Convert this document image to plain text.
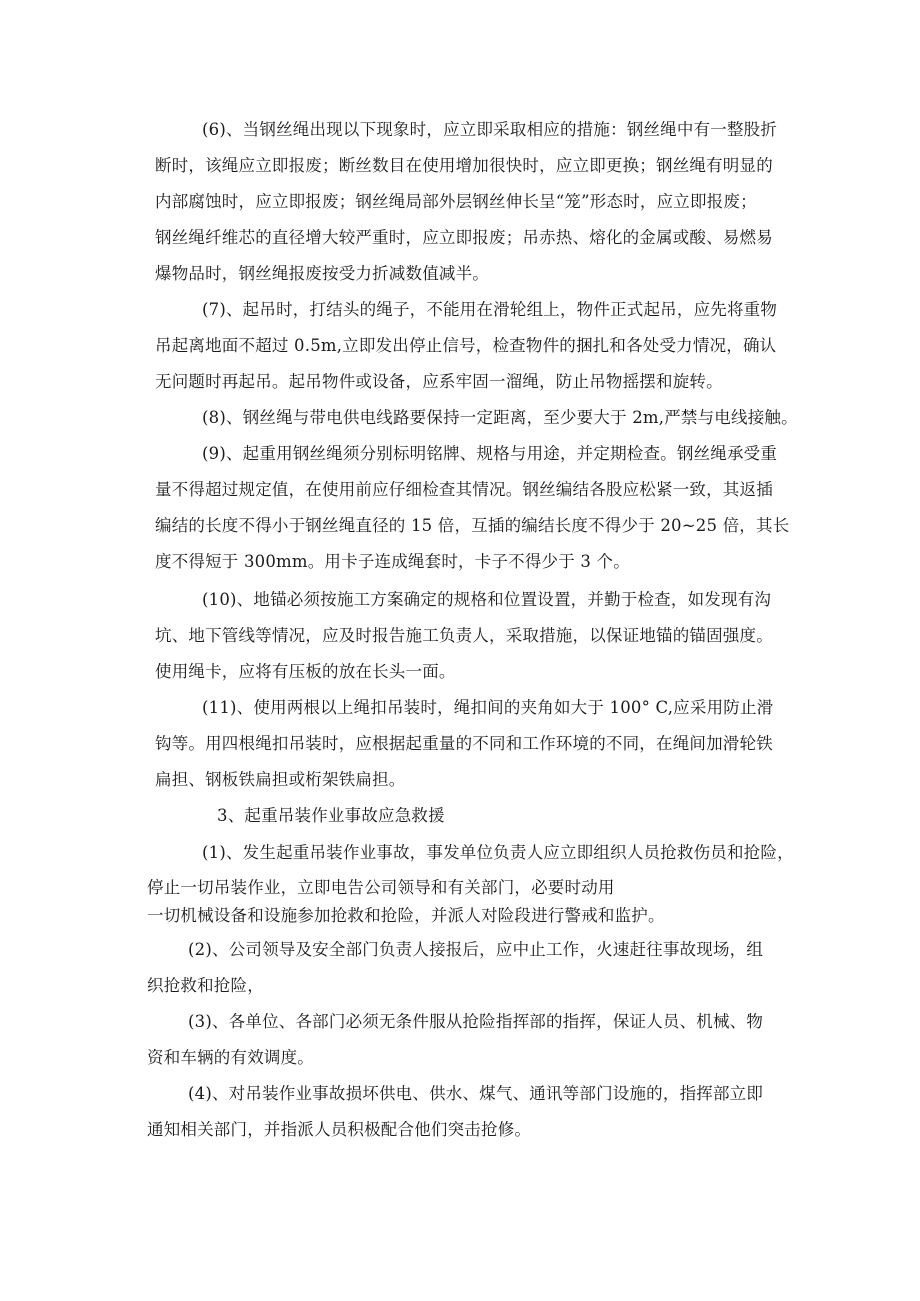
(6)、当钢丝绳出现以下现象时，应立即采取相应的措施：钢丝绳中有一整股折
断时，该绳应立即报废；断丝数目在使用增加很快时，应立即更换；钢丝绳有明显的
内部腐蚀时，应立即报废；钢丝绳局部外层钢丝伸长呈“笼”形态时，应立即报废；
钢丝绳纤维芯的直径增大较严重时，应立即报废；吊赤热、熔化的金属或酸、易燃易
爆物品时，钢丝绳报废按受力折减数值减半。
(7)、起吊时，打结头的绳子，不能用在滑轮组上，物件正式起吊，应先将重物
吊起离地面不超过 0.5m,立即发出停止信号，检查物件的捆扎和各处受力情况，确认
无问题时再起吊。起吊物件或设备，应系牢固一溜绳，防止吊物摇摆和旋转。
(8)、钢丝绳与带电供电线路要保持一定距离，至少要大于 2m,严禁与电线接触。
(9)、起重用钢丝绳须分别标明铭牌、规格与用途，并定期检查。钢丝绳承受重
量不得超过规定值，在使用前应仔细检查其情况。钢丝编结各股应松紧一致，其返插
编结的长度不得小于钢丝绳直径的 15 倍，互插的编结长度不得少于 20~25 倍，其长
度不得短于 300mm。用卡子连成绳套时，卡子不得少于 3 个。
(10)、地锚必须按施工方案确定的规格和位置设置，并勤于检查，如发现有沟
坑、地下管线等情况，应及时报告施工负责人，采取措施，以保证地锚的锚固强度。
使用绳卡，应将有压板的放在长头一面。
(11)、使用两根以上绳扣吊装时，绳扣间的夹角如大于 100° C,应采用防止滑
钩等。用四根绳扣吊装时，应根据起重量的不同和工作环境的不同，在绳间加滑轮铁
扁担、钢板铁扁担或桁架铁扁担。
3、起重吊装作业事故应急救援
(1)、发生起重吊装作业事故，事发单位负责人应立即组织人员抢救伤员和抢险，
停止一切吊装作业，立即电告公司领导和有关部门，必要时动用
一切机械设备和设施参加抢救和抢险，并派人对险段进行警戒和监护。
(2)、公司领导及安全部门负责人接报后，应中止工作，火速赶往事故现场，组
织抢救和抢险，
(3)、各单位、各部门必须无条件服从抢险指挥部的指挥，保证人员、机械、物
资和车辆的有效调度。
(4)、对吊装作业事故损坏供电、供水、煤气、通讯等部门设施的，指挥部立即
通知相关部门，并指派人员积极配合他们突击抢修。
